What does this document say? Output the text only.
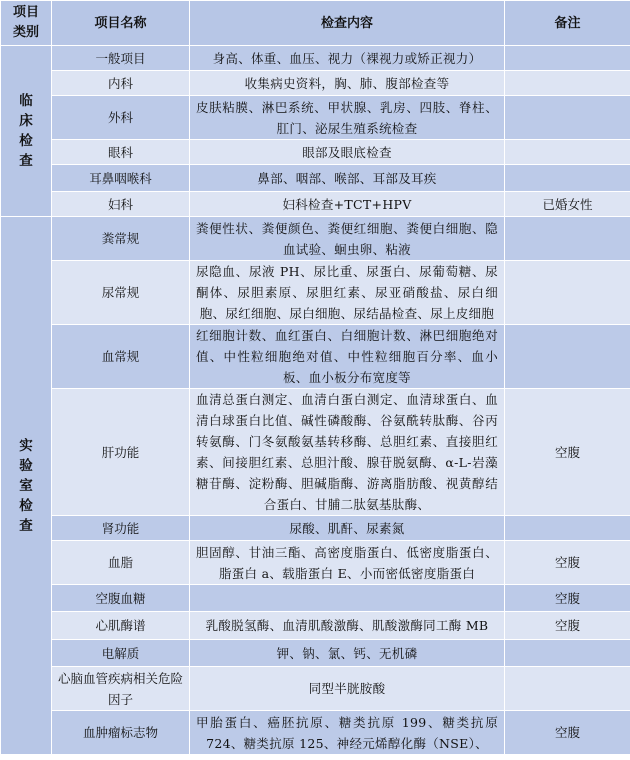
项目
类别	项目名称	检查内容	备注
临
床
检
查	一般项目	身高、体重、血压、视力（裸视力或矫正视力）	
	内科	收集病史资料，胸、肺、腹部检查等	
	外科	皮肤粘膜、淋巴系统、甲状腺、乳房、四肢、脊柱、肛门、泌尿生殖系统检查	
	眼科	眼部及眼底检查	
	耳鼻咽喉科	鼻部、咽部、喉部、耳部及耳疾	
	妇科	妇科检查+TCT+HPV	已婚女性
实
验
室
检
查	粪常规	粪便性状、粪便颜色、粪便红细胞、粪便白细胞、隐血试验、蛔虫卵、粘液	
	尿常规	尿隐血、尿液 PH、尿比重、尿蛋白、尿葡萄糖、尿酮体、尿胆素原、尿胆红素、尿亚硝酸盐、尿白细胞、尿红细胞、尿白细胞、尿结晶检查、尿上皮细胞	
	血常规	红细胞计数、血红蛋白、白细胞计数、淋巴细胞绝对值、中性粒细胞绝对值、中性粒细胞百分率、血小板、血小板分布宽度等	
	肝功能	血清总蛋白测定、血清白蛋白测定、血清球蛋白、血清白球蛋白比值、碱性磷酸酶、谷氨酰转肽酶、谷丙转氨酶、门冬氨酸氨基转移酶、总胆红素、直接胆红素、间接胆红素、总胆汁酸、腺苷脱氨酶、α-L-岩藻糖苷酶、淀粉酶、胆碱脂酶、游离脂肪酸、视黄醇结合蛋白、甘脯二肽氨基肽酶、	空腹
	肾功能	尿酸、肌酐、尿素氮	
	血脂	胆固醇、甘油三酯、高密度脂蛋白、低密度脂蛋白、脂蛋白 a、载脂蛋白 E、小而密低密度脂蛋白	空腹
	空腹血糖		空腹
	心肌酶谱	乳酸脱氢酶、血清肌酸激酶、肌酸激酶同工酶 MB	空腹
	电解质	钾、钠、氯、钙、无机磷	
	心脑血管疾病相关危险因子	同型半胱胺酸	
	血肿瘤标志物	甲胎蛋白、癌胚抗原、糖类抗原 199、糖类抗原 724、糖类抗原 125、神经元烯醇化酶（NSE）、	空腹
